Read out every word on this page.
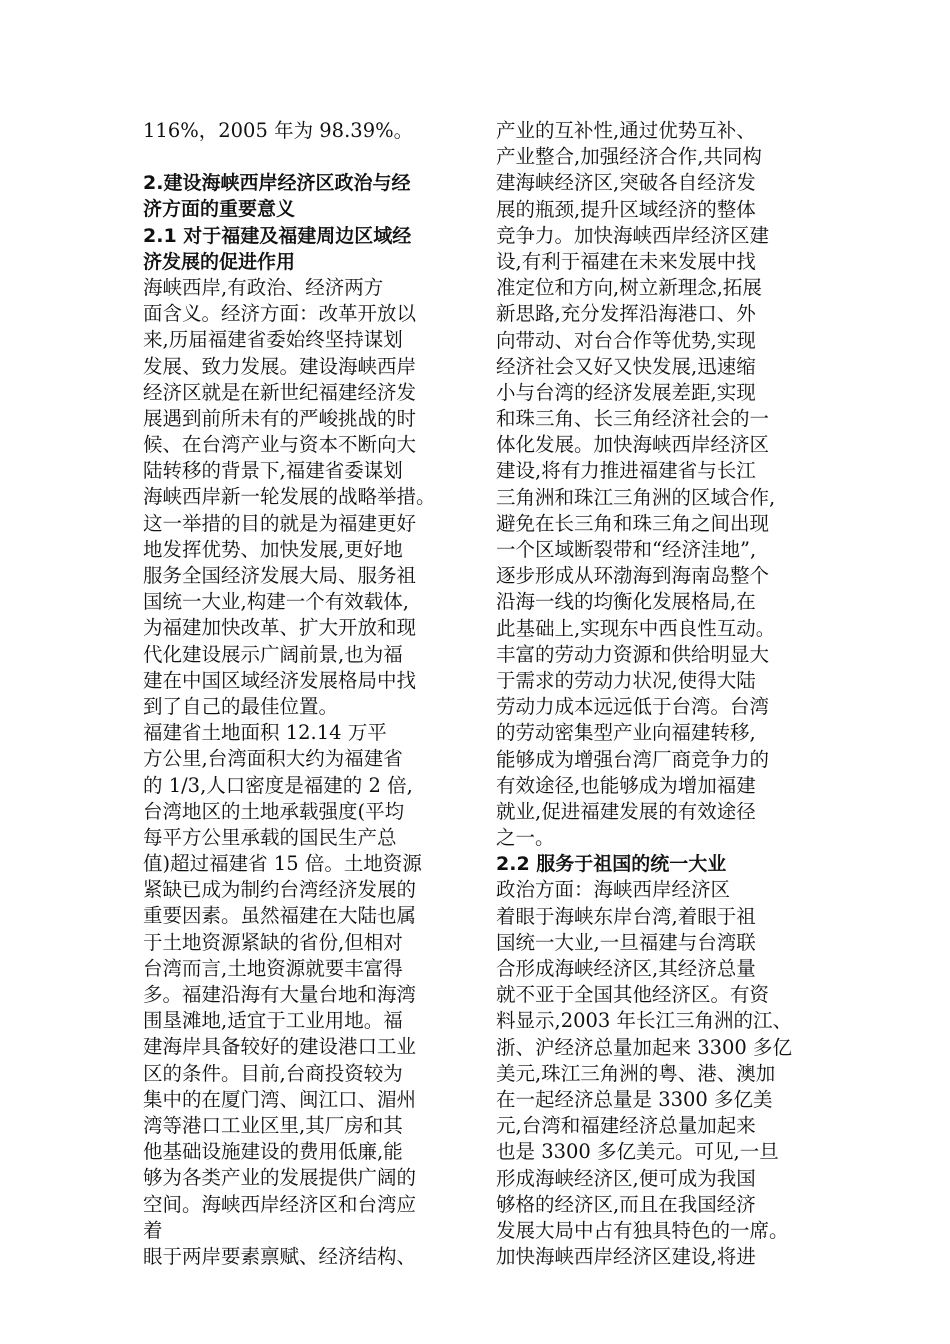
116%，2005 年为 98.39%。
2.建设海峡西岸经济区政治与经
济方面的重要意义
2.1 对于福建及福建周边区域经
济发展的促进作用
海峡西岸,有政治、经济两方
面含义。经济方面：改革开放以
来,历届福建省委始终坚持谋划
发展、致力发展。建设海峡西岸
经济区就是在新世纪福建经济发
展遇到前所未有的严峻挑战的时
候、在台湾产业与资本不断向大
陆转移的背景下,福建省委谋划
海峡西岸新一轮发展的战略举措。
这一举措的目的就是为福建更好
地发挥优势、加快发展,更好地
服务全国经济发展大局、服务祖
国统一大业,构建一个有效载体,
为福建加快改革、扩大开放和现
代化建设展示广阔前景,也为福
建在中国区域经济发展格局中找
到了自己的最佳位置。
福建省土地面积 12.14 万平
方公里,台湾面积大约为福建省
的 1/3,人口密度是福建的 2 倍,
台湾地区的土地承载强度(平均
每平方公里承载的国民生产总
值)超过福建省 15 倍。土地资源
紧缺已成为制约台湾经济发展的
重要因素。虽然福建在大陆也属
于土地资源紧缺的省份,但相对
台湾而言,土地资源就要丰富得
多。福建沿海有大量台地和海湾
围垦滩地,适宜于工业用地。福
建海岸具备较好的建设港口工业
区的条件。目前,台商投资较为
集中的在厦门湾、闽江口、湄州
湾等港口工业区里,其厂房和其
他基础设施建设的费用低廉,能
够为各类产业的发展提供广阔的
空间。海峡西岸经济区和台湾应
着
眼于两岸要素禀赋、经济结构、
产业的互补性,通过优势互补、
产业整合,加强经济合作,共同构
建海峡经济区,突破各自经济发
展的瓶颈,提升区域经济的整体
竞争力。加快海峡西岸经济区建
设,有利于福建在未来发展中找
准定位和方向,树立新理念,拓展
新思路,充分发挥沿海港口、外
向带动、对台合作等优势,实现
经济社会又好又快发展,迅速缩
小与台湾的经济发展差距,实现
和珠三角、长三角经济社会的一
体化发展。加快海峡西岸经济区
建设,将有力推进福建省与长江
三角洲和珠江三角洲的区域合作,
避免在长三角和珠三角之间出现
一个区域断裂带和“经济洼地”,
逐步形成从环渤海到海南岛整个
沿海一线的均衡化发展格局,在
此基础上,实现东中西良性互动。
丰富的劳动力资源和供给明显大
于需求的劳动力状况,使得大陆
劳动力成本远远低于台湾。台湾
的劳动密集型产业向福建转移,
能够成为增强台湾厂商竞争力的
有效途径,也能够成为增加福建
就业,促进福建发展的有效途径
之一。
2.2 服务于祖国的统一大业
政治方面：海峡西岸经济区
着眼于海峡东岸台湾,着眼于祖
国统一大业,一旦福建与台湾联
合形成海峡经济区,其经济总量
就不亚于全国其他经济区。有资
料显示,2003 年长江三角洲的江、
浙、沪经济总量加起来 3300 多亿
美元,珠江三角洲的粤、港、澳加
在一起经济总量是 3300 多亿美
元,台湾和福建经济总量加起来
也是 3300 多亿美元。可见,一旦
形成海峡经济区,便可成为我国
够格的经济区,而且在我国经济
发展大局中占有独具特色的一席。
加快海峡西岸经济区建设,将进
